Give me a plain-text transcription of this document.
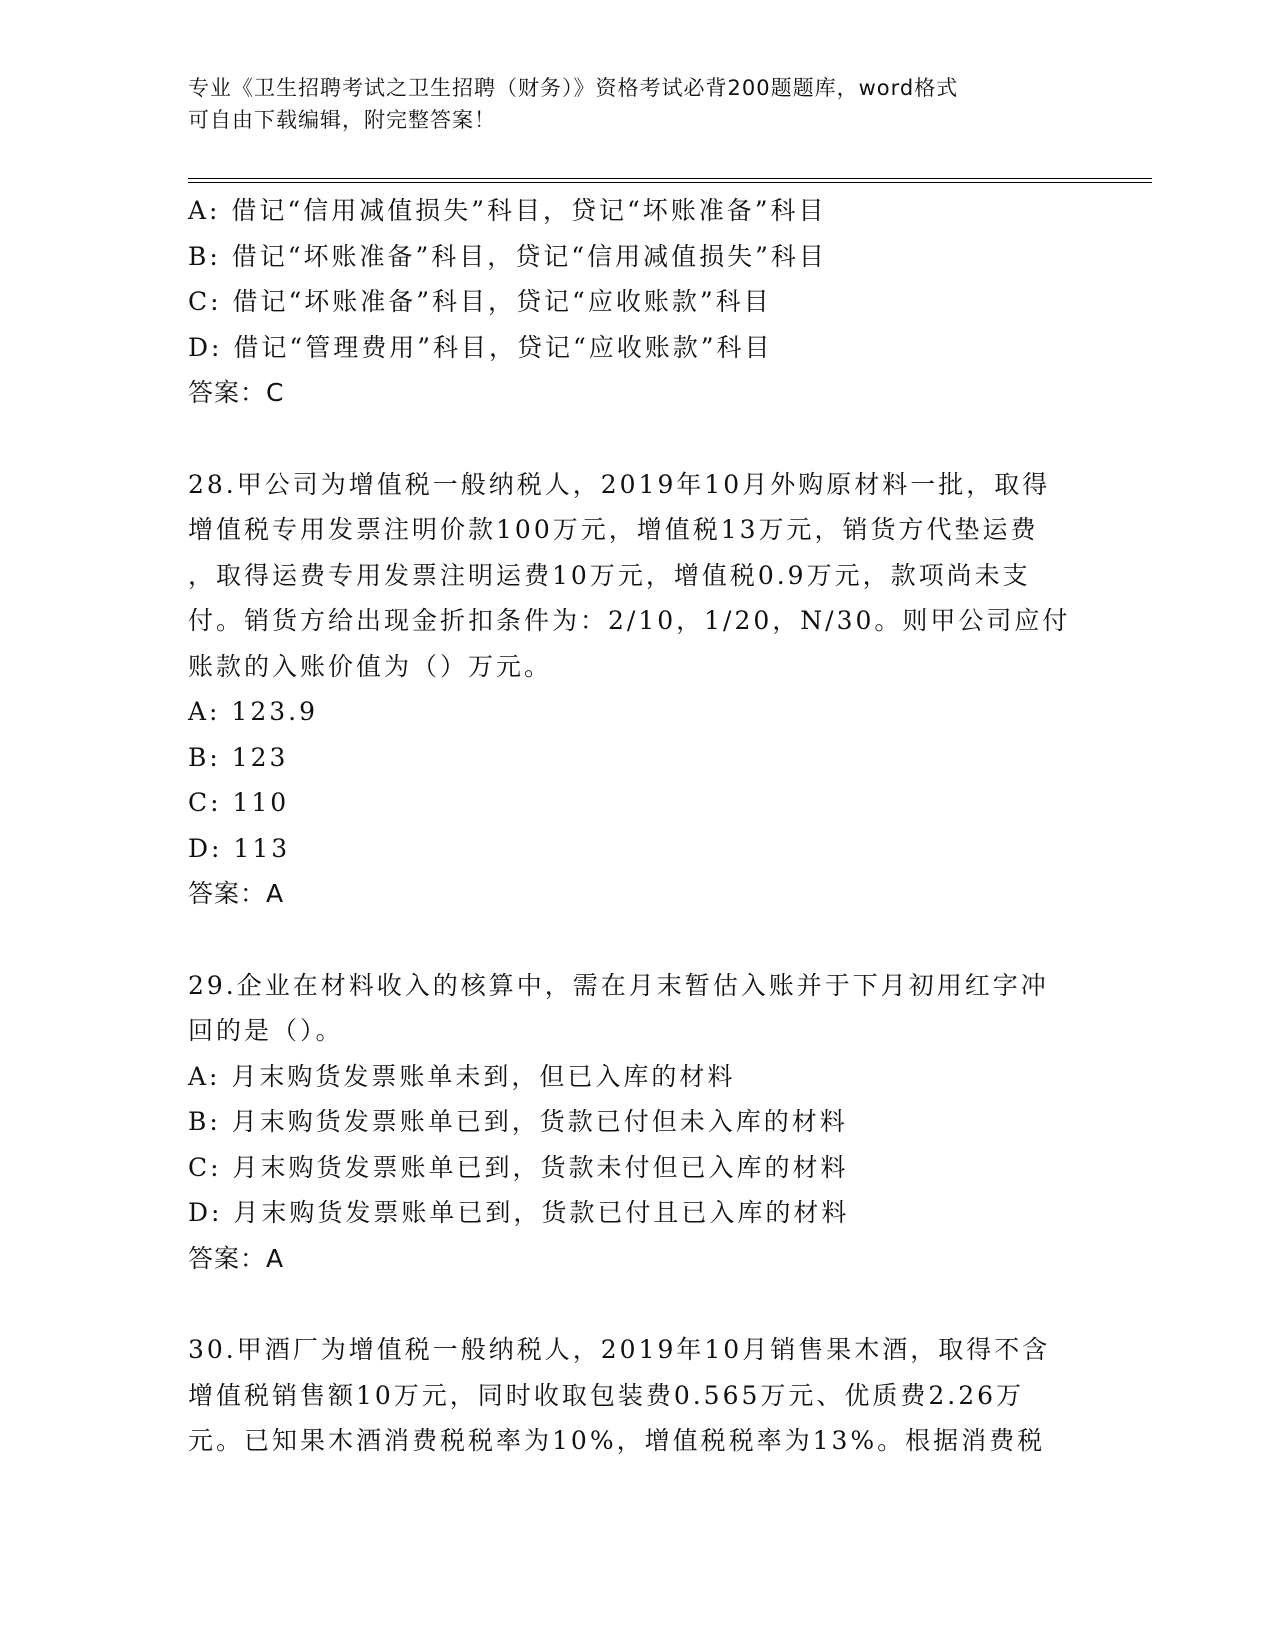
专业《卫生招聘考试之卫生招聘（财务）》资格考试必背200题题库，word格式
可自由下载编辑，附完整答案！
A: 借记“信用减值损失”科目，贷记“坏账准备”科目
B: 借记“坏账准备”科目，贷记“信用减值损失”科目
C: 借记“坏账准备”科目，贷记“应收账款”科目
D: 借记“管理费用”科目，贷记“应收账款”科目
答案：C
28.甲公司为增值税一般纳税人，2019年10月外购原材料一批，取得
增值税专用发票注明价款100万元，增值税13万元，销货方代垫运费
，取得运费专用发票注明运费10万元，增值税0.9万元，款项尚未支
付。销货方给出现金折扣条件为：2/10，1/20，N/30。则甲公司应付
账款的入账价值为（）万元。
A: 123.9
B: 123
C: 110
D: 113
答案：A
29.企业在材料收入的核算中，需在月末暂估入账并于下月初用红字冲
回的是（）。
A: 月末购货发票账单未到，但已入库的材料
B: 月末购货发票账单已到，货款已付但未入库的材料
C: 月末购货发票账单已到，货款未付但已入库的材料
D: 月末购货发票账单已到，货款已付且已入库的材料
答案：A
30.甲酒厂为增值税一般纳税人，2019年10月销售果木酒，取得不含
增值税销售额10万元，同时收取包装费0.565万元、优质费2.26万
元。已知果木酒消费税税率为10%，增值税税率为13%。根据消费税
